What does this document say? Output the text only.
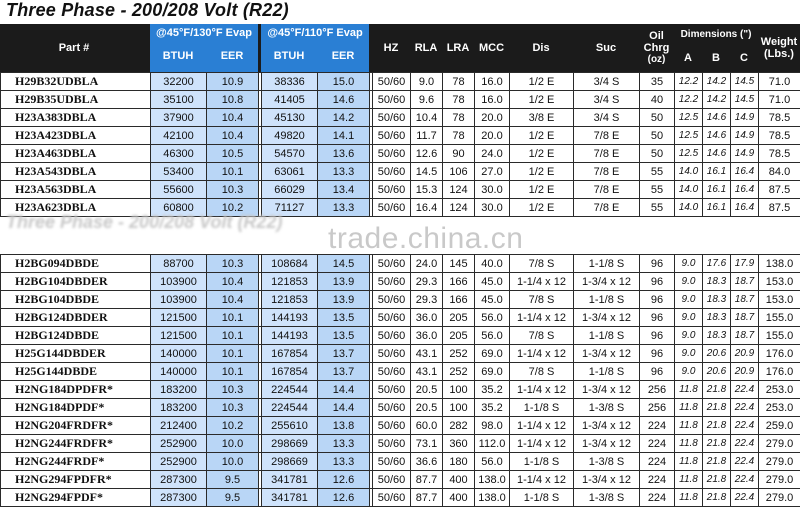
Three Phase - 200/208 Volt (R22)
Part #
@45°F/130°F Evap
BTUH	EER
@45°F/110°F Evap
BTUH	EER
HZ	RLA LRA MCC	Dis	Suc
Oil
Chrg
(oz)
Dimensions (")
A	B	C
Weight
(Lbs.)
H29B32UDBLA	32200	10.9		38336	15.0		50/60	9.0	78	16.0	1/2 E	3/4 S	35	12.2	14.2	14.5	71.0
H29B35UDBLA	35100	10.8		41405	14.6		50/60	9.6	78	16.0	1/2 E	3/4 S	40	12.2	14.2	14.5	71.0
H23A383DBLA	37900	10.4		45130	14.2		50/60	10.4	78	20.0	3/8 E	3/4 S	50	12.5	14.6	14.9	78.5
H23A423DBLA	42100	10.4		49820	14.1		50/60	11.7	78	20.0	1/2 E	7/8 E	50	12.5	14.6	14.9	78.5
H23A463DBLA	46300	10.5		54570	13.6		50/60	12.6	90	24.0	1/2 E	7/8 E	50	12.5	14.6	14.9	78.5
H23A543DBLA	53400	10.1		63061	13.3		50/60	14.5	106	27.0	1/2 E	7/8 E	55	14.0	16.1	16.4	84.0
H23A563DBLA	55600	10.3		66029	13.4		50/60	15.3	124	30.0	1/2 E	7/8 E	55	14.0	16.1	16.4	87.5
H23A623DBLA	60800	10.2		71127	13.3		50/60	16.4	124	30.0	1/2 E	7/8 E	55	14.0	16.1	16.4	87.5
Three Phase - 200/208 Volt (R22) trade.china.cn
H2BG094DBDE	88700	10.3		108684	14.5		50/60	24.0	145	40.0	7/8 S	1-1/8 S	96	9.0	17.6	17.9	138.0
H2BG104DBDER	103900	10.4		121853	13.9		50/60	29.3	166	45.0	1-1/4 x 12	1-3/4 x 12	96	9.0	18.3	18.7	153.0
H2BG104DBDE	103900	10.4		121853	13.9		50/60	29.3	166	45.0	7/8 S	1-1/8 S	96	9.0	18.3	18.7	153.0
H2BG124DBDER	121500	10.1		144193	13.5		50/60	36.0	205	56.0	1-1/4 x 12	1-3/4 x 12	96	9.0	18.3	18.7	155.0
H2BG124DBDE	121500	10.1		144193	13.5		50/60	36.0	205	56.0	7/8 S	1-1/8 S	96	9.0	18.3	18.7	155.0
H25G144DBDER	140000	10.1		167854	13.7		50/60	43.1	252	69.0	1-1/4 x 12	1-3/4 x 12	96	9.0	20.6	20.9	176.0
H25G144DBDE	140000	10.1		167854	13.7		50/60	43.1	252	69.0	7/8 S	1-1/8 S	96	9.0	20.6	20.9	176.0
H2NG184DPDFR*	183200	10.3		224544	14.4		50/60	20.5	100	35.2	1-1/4 x 12	1-3/4 x 12	256	11.8	21.8	22.4	253.0
H2NG184DPDF*	183200	10.3		224544	14.4		50/60	20.5	100	35.2	1-1/8 S	1-3/8 S	256	11.8	21.8	22.4	253.0
H2NG204FRDFR*	212400	10.2		255610	13.8		50/60	60.0	282	98.0	1-1/4 x 12	1-3/4 x 12	224	11.8	21.8	22.4	259.0
H2NG244FRDFR*	252900	10.0		298669	13.3		50/60	73.1	360	112.0	1-1/4 x 12	1-3/4 x 12	224	11.8	21.8	22.4	279.0
H2NG244FRDF*	252900	10.0		298669	13.3		50/60	36.6	180	56.0	1-1/8 S	1-3/8 S	224	11.8	21.8	22.4	279.0
H2NG294FPDFR*	287300	9.5		341781	12.6		50/60	87.7	400	138.0	1-1/4 x 12	1-3/4 x 12	224	11.8	21.8	22.4	279.0
H2NG294FPDF*	287300	9.5		341781	12.6		50/60	87.7	400	138.0	1-1/8 S	1-3/8 S	224	11.8	21.8	22.4	279.0
